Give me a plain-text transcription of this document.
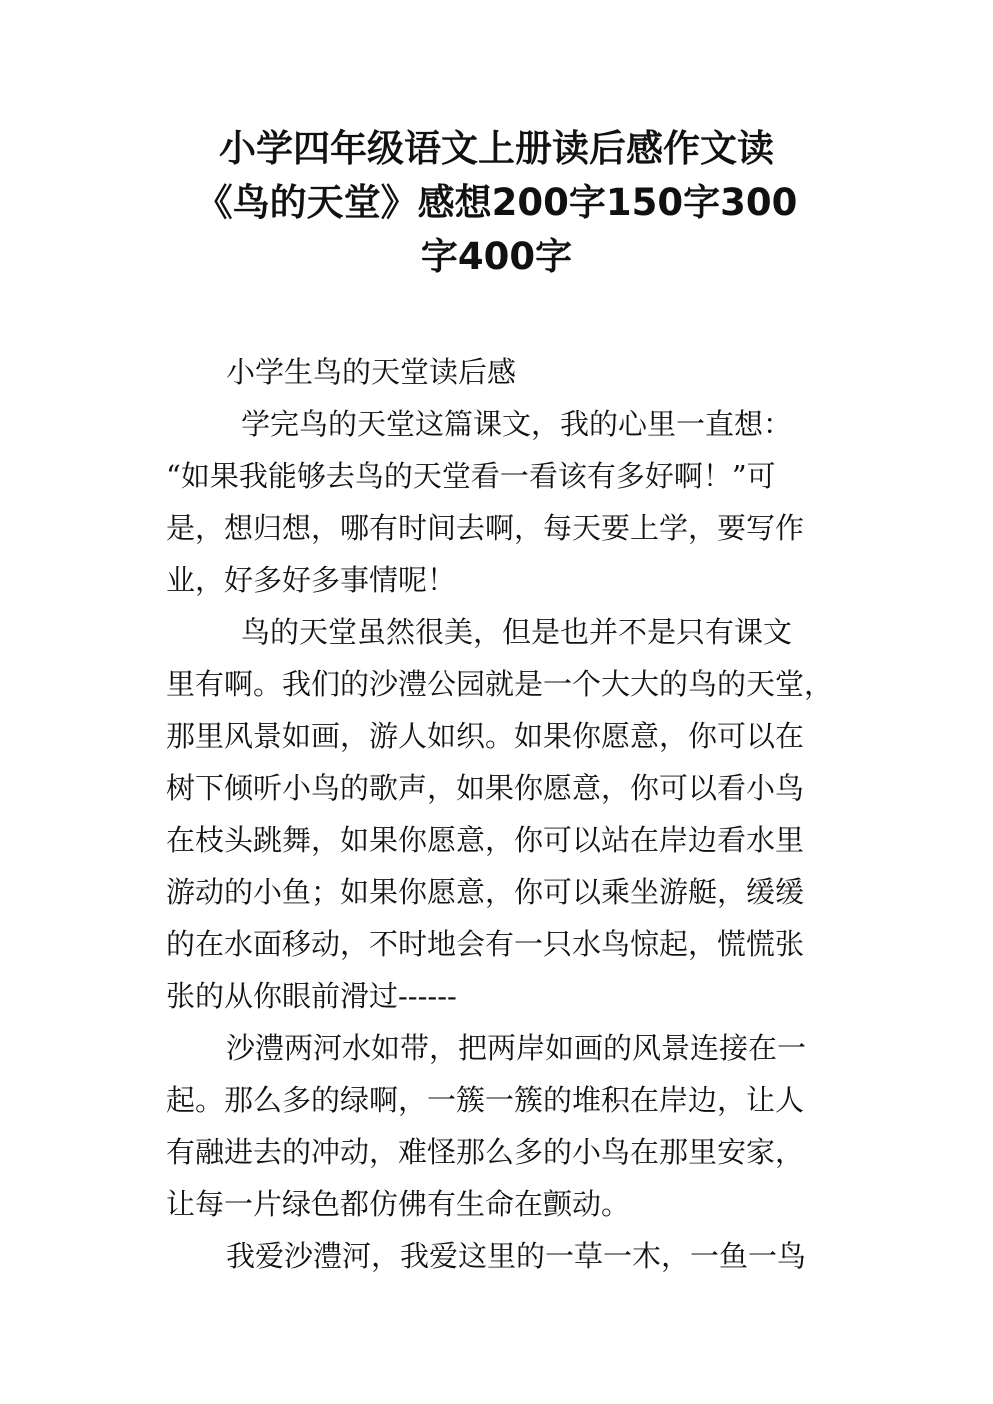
小学四年级语文上册读后感作文读
《鸟的天堂》感想200字150字300
字400字
小学生鸟的天堂读后感
学完鸟的天堂这篇课文，我的心里一直想：
“如果我能够去鸟的天堂看一看该有多好啊！”可
是，想归想，哪有时间去啊，每天要上学，要写作
业，好多好多事情呢！
鸟的天堂虽然很美，但是也并不是只有课文
里有啊。我们的沙澧公园就是一个大大的鸟的天堂，
那里风景如画，游人如织。如果你愿意，你可以在
树下倾听小鸟的歌声，如果你愿意，你可以看小鸟
在枝头跳舞，如果你愿意，你可以站在岸边看水里
游动的小鱼；如果你愿意，你可以乘坐游艇，缓缓
的在水面移动，不时地会有一只水鸟惊起，慌慌张
张的从你眼前滑过------
沙澧两河水如带，把两岸如画的风景连接在一
起。那么多的绿啊，一簇一簇的堆积在岸边，让人
有融进去的冲动，难怪那么多的小鸟在那里安家，
让每一片绿色都仿佛有生命在颤动。
我爱沙澧河，我爱这里的一草一木，一鱼一鸟
